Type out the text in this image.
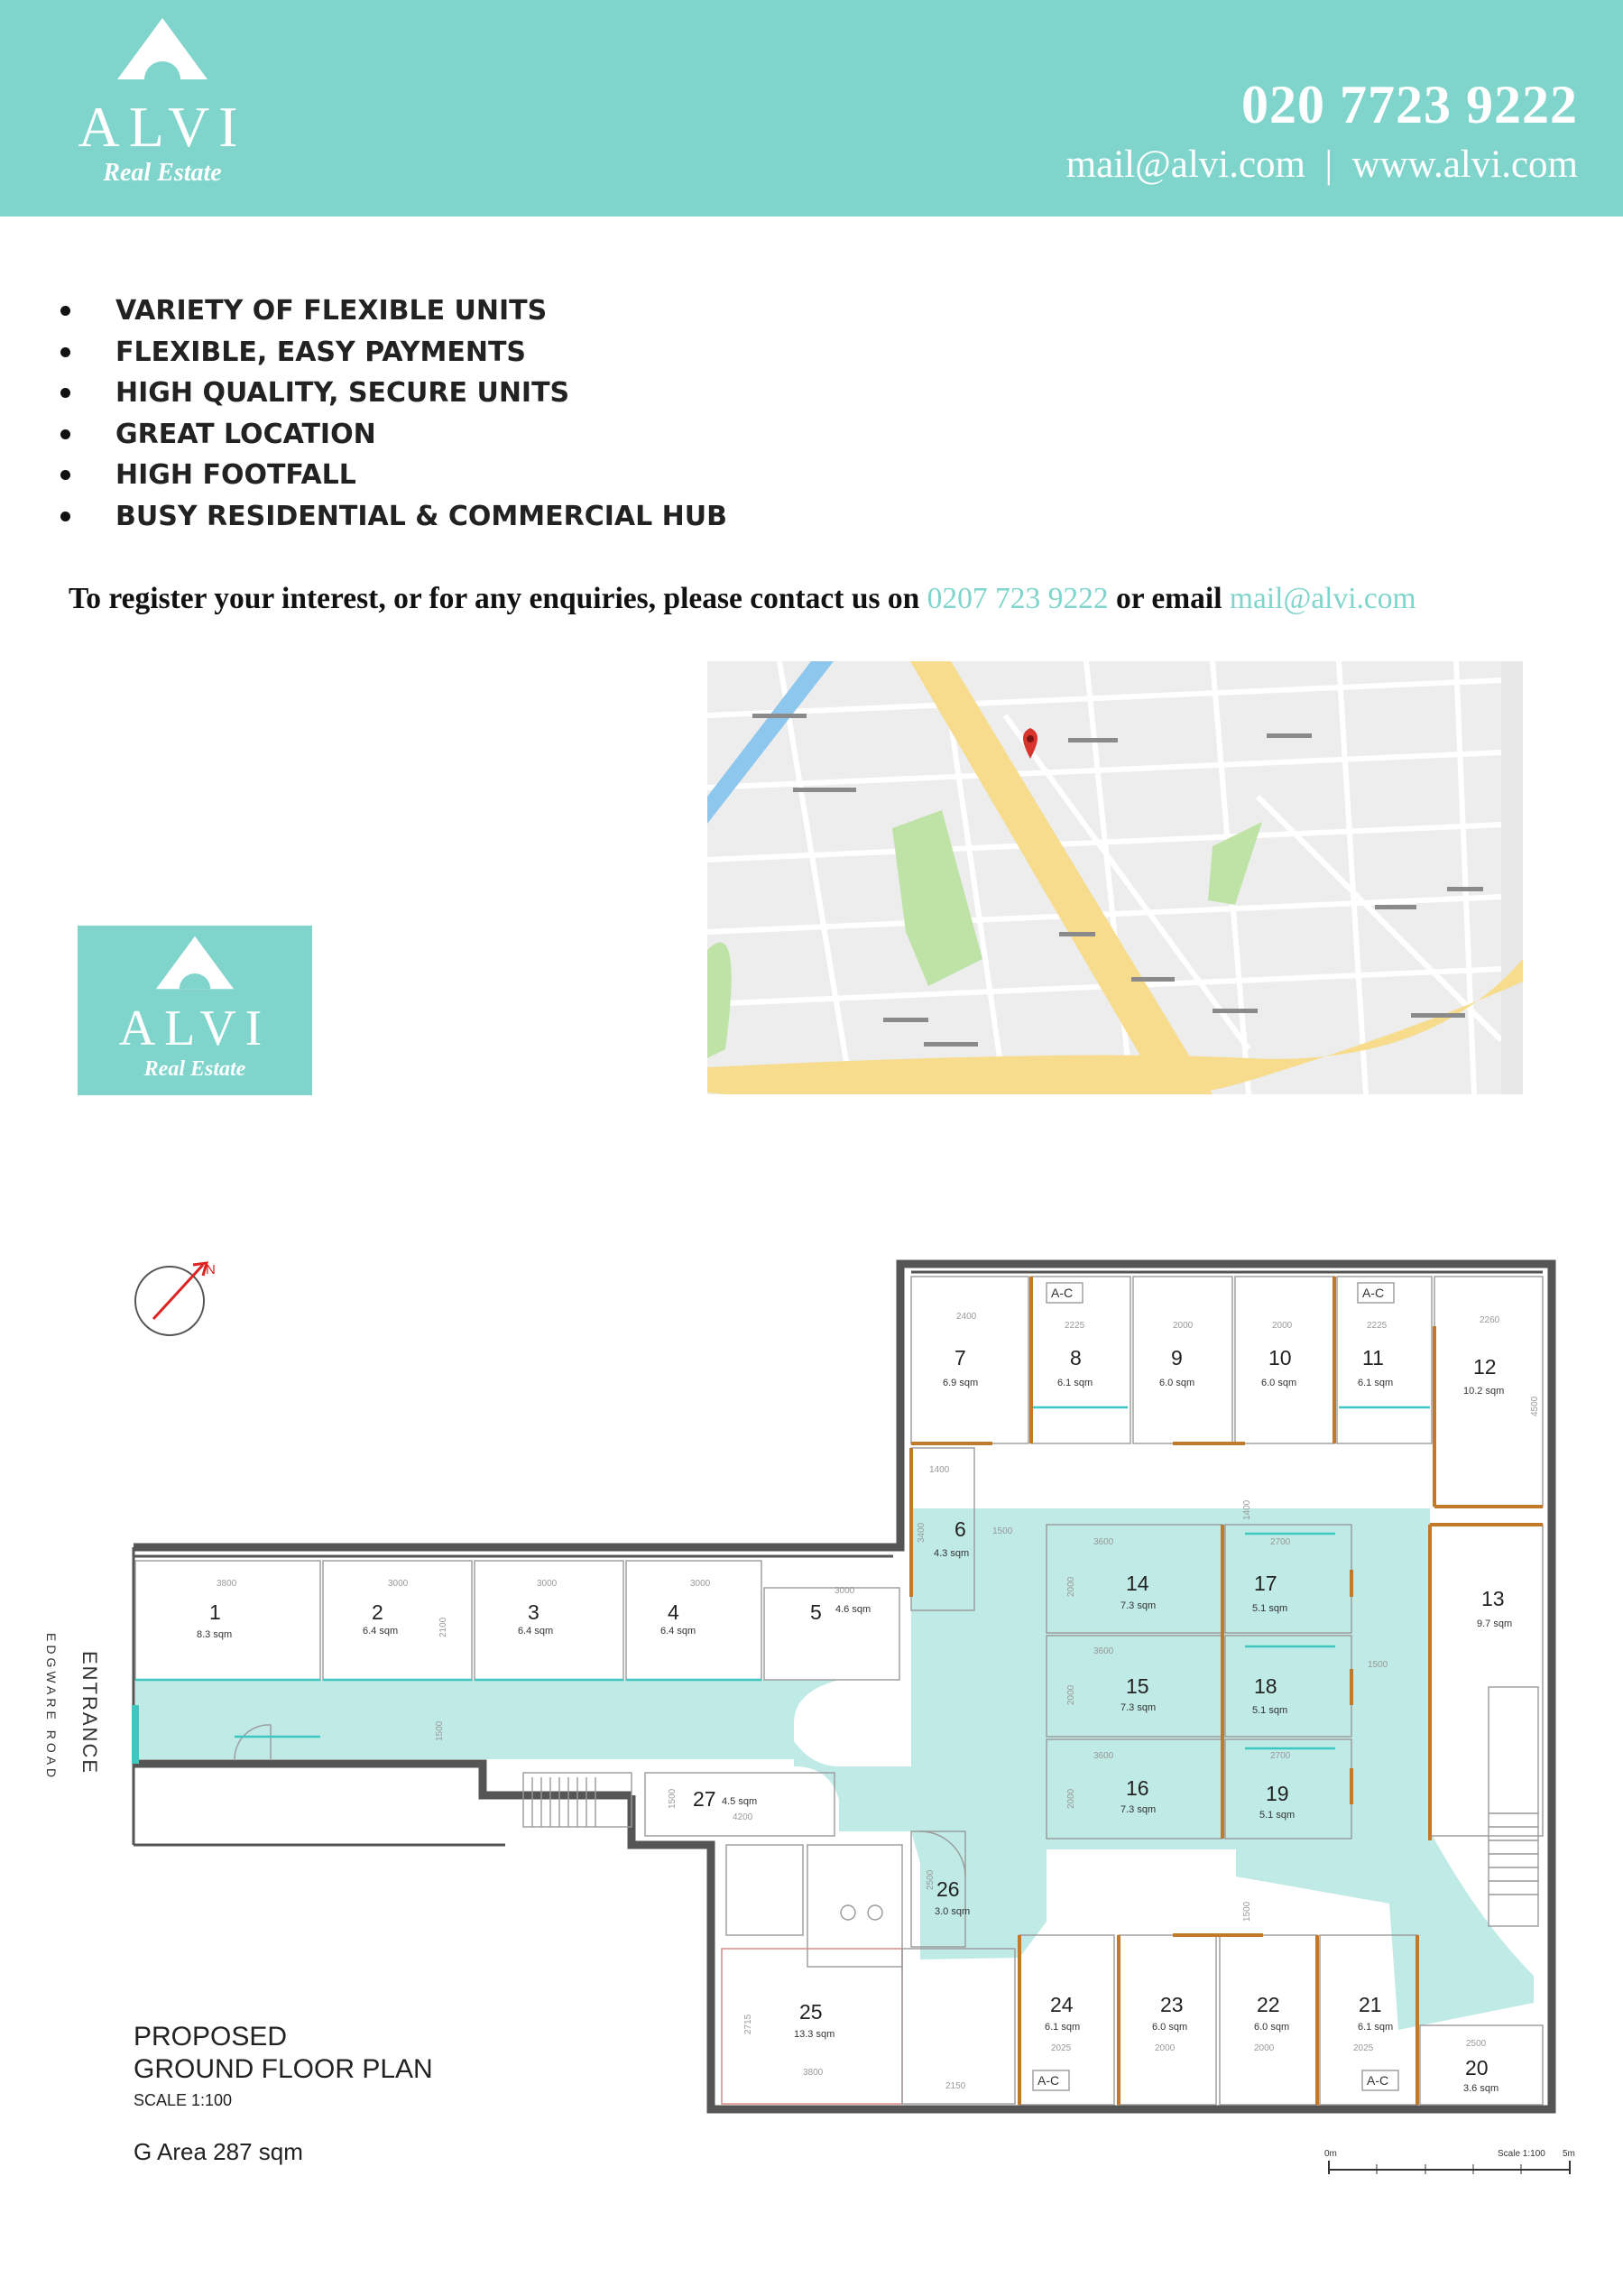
ALVI
Real Estate
020 7723 9222
mail@alvi.com | www.alvi.com
VARIETY OF FLEXIBLE UNITS
FLEXIBLE, EASY PAYMENTS
HIGH QUALITY, SECURE UNITS
GREAT LOCATION
HIGH FOOTFALL
BUSY RESIDENTIAL & COMMERCIAL HUB
To register your interest, or for any enquiries, please contact us on 0207 723 9222 or email mail@alvi.com
ALVI
Real Estate
N
ENTRANCE
EDGWARE ROAD
A-C	A-C
A-C	A-C
3800	3000	3000	3000
3000
2400
2225	2000	2000	2225
2260
3600	2700
3600
3600	2700
1400
1500
1500
2500
2025	2000	2000	2025
2150
3800
4200
1500
2100
1500
3400
4500
2000
2000
2000
1400
2500
2715
1500
1
8.3 sqm
2
6.4 sqm
3
6.4 sqm
4
6.4 sqm
5 4.6 sqm
6
4.3 sqm
7
6.9 sqm
8
6.1 sqm
9
6.0 sqm
10
6.0 sqm
11
6.1 sqm
12
10.2 sqm
13
9.7 sqm
14
7.3 sqm
15
7.3 sqm
16
7.3 sqm
17
5.1 sqm
18
5.1 sqm
19
5.1 sqm
20
3.6 sqm
21
6.1 sqm
22
6.0 sqm
23
6.0 sqm
24
6.1 sqm
25
13.3 sqm
26
3.0 sqm
27 4.5 sqm
0m	Scale 1:100 5m
PROPOSED
GROUND FLOOR PLAN
SCALE 1:100
G Area 287 sqm
